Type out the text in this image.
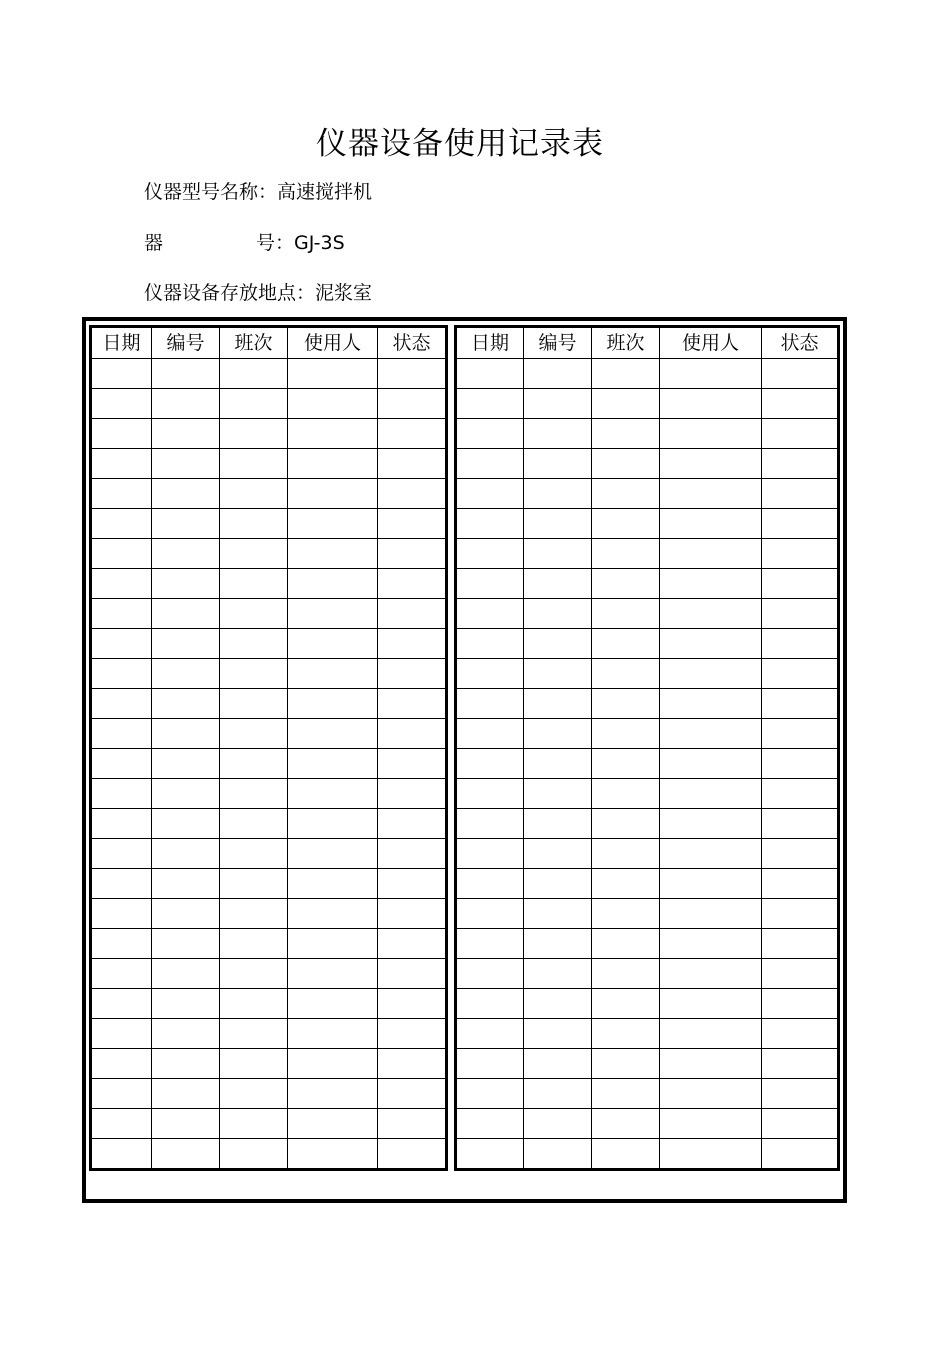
仪器设备使用记录表
仪器型号名称：高速搅拌机
器	号：GJ-3S
仪器设备存放地点：泥浆室
日期	编号	班次	使用人	状态

				日期	编号	班次	使用人	状态
